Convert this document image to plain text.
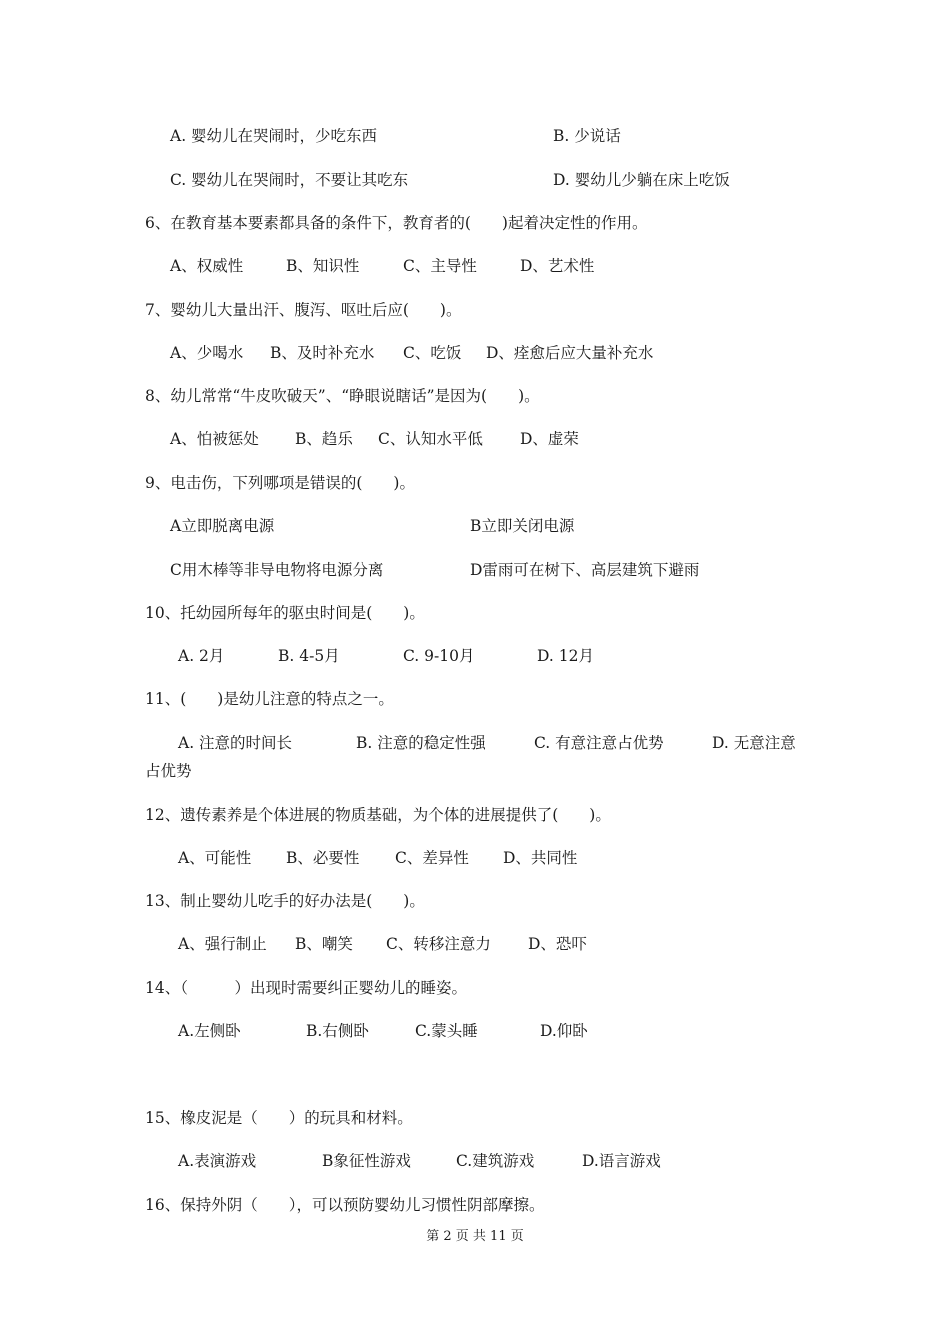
A. 婴幼儿在哭闹时，少吃东西	B. 少说话
C. 婴幼儿在哭闹时，不要让其吃东	D. 婴幼儿少躺在床上吃饭
6、在教育基本要素都具备的条件下，教育者的(　　)起着决定性的作用。
A、权威性	B、知识性	C、主导性	D、艺术性
7、婴幼儿大量出汗、腹泻、呕吐后应(　　)。
A、少喝水 B、及时补充水 C、吃饭 D、痊愈后应大量补充水
8、幼儿常常“牛皮吹破天”、“睁眼说瞎话”是因为(　　)。
A、怕被惩处 B、趋乐 C、认知水平低 D、虚荣
9、电击伤，下列哪项是错误的(　　)。
A立即脱离电源	B立即关闭电源
C用木棒等非导电物将电源分离	D雷雨可在树下、高层建筑下避雨
10、托幼园所每年的驱虫时间是(　　)。
A. 2月	B. 4-5月	C. 9-10月	D. 12月
11、(　　)是幼儿注意的特点之一。
A. 注意的时间长	B. 注意的稳定性强	C. 有意注意占优势	D. 无意注意
占优势
12、遗传素养是个体进展的物质基础，为个体的进展提供了(　　)。
A、可能性 B、必要性 C、差异性 D、共同性
13、制止婴幼儿吃手的好办法是(　　)。
A、强行制止 B、嘲笑 C、转移注意力 D、恐吓
14、（　　　）出现时需要纠正婴幼儿的睡姿。
A.左侧卧	B.右侧卧	C.蒙头睡	D.仰卧
15、橡皮泥是（　　）的玩具和材料。
A.表演游戏	B象征性游戏	C.建筑游戏	D.语言游戏
16、保持外阴（　　），可以预防婴幼儿习惯性阴部摩擦。
第 2 页 共 11 页
